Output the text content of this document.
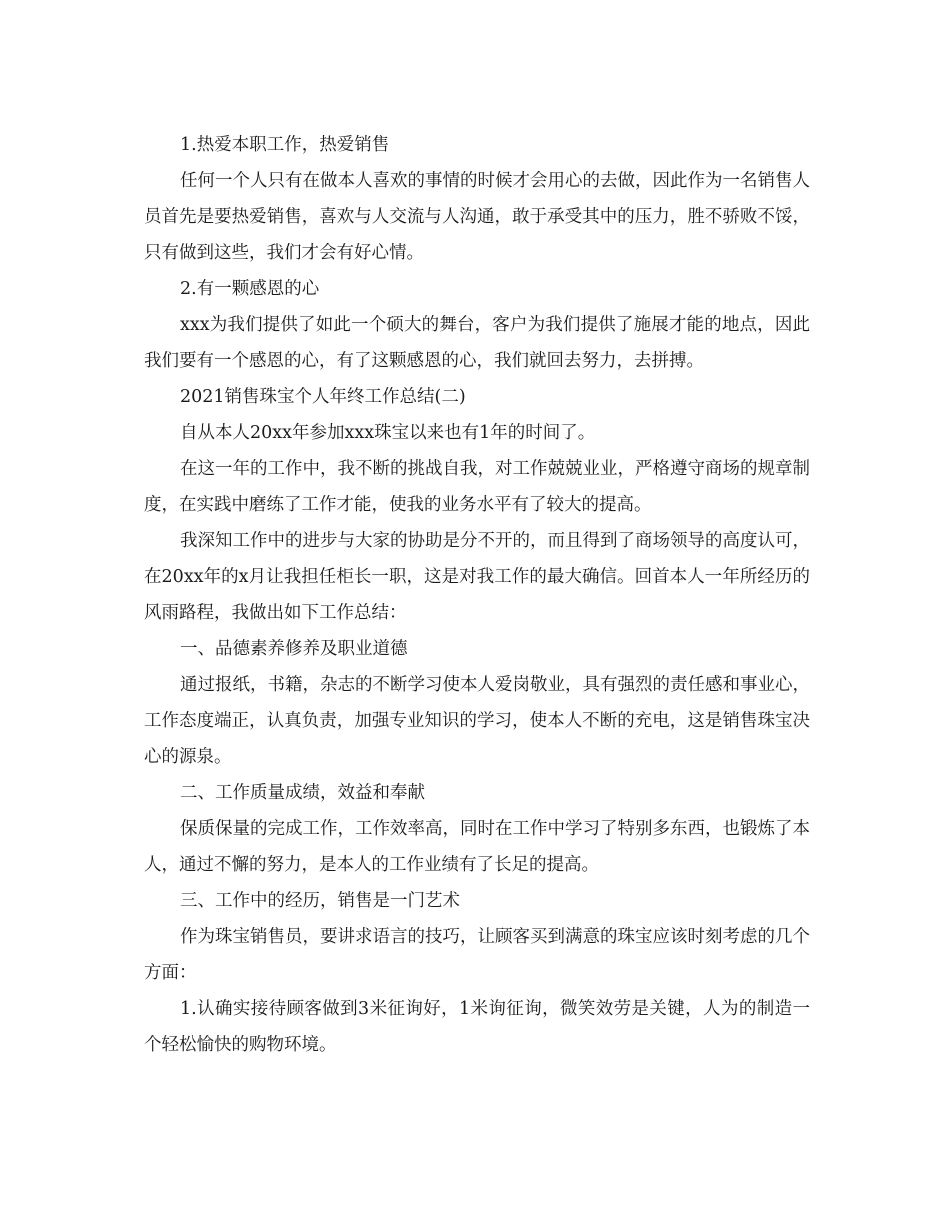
1.热爱本职工作，热爱销售

任何一个人只有在做本人喜欢的事情的时候才会用心的去做，因此作为一名销售人员首先是要热爱销售，喜欢与人交流与人沟通，敢于承受其中的压力，胜不骄败不馁，只有做到这些，我们才会有好心情。

2.有一颗感恩的心

xxx为我们提供了如此一个硕大的舞台，客户为我们提供了施展才能的地点，因此我们要有一个感恩的心，有了这颗感恩的心，我们就回去努力，去拼搏。

2021销售珠宝个人年终工作总结(二)

自从本人20xx年参加xxx珠宝以来也有1年的时间了。

在这一年的工作中，我不断的挑战自我，对工作兢兢业业，严格遵守商场的规章制度，在实践中磨练了工作才能，使我的业务水平有了较大的提高。

我深知工作中的进步与大家的协助是分不开的，而且得到了商场领导的高度认可，在20xx年的x月让我担任柜长一职，这是对我工作的最大确信。回首本人一年所经历的风雨路程，我做出如下工作总结：

一、品德素养修养及职业道德

通过报纸，书籍，杂志的不断学习使本人爱岗敬业，具有强烈的责任感和事业心，工作态度端正，认真负责，加强专业知识的学习，使本人不断的充电，这是销售珠宝决心的源泉。

二、工作质量成绩，效益和奉献

保质保量的完成工作，工作效率高，同时在工作中学习了特别多东西，也锻炼了本人，通过不懈的努力，是本人的工作业绩有了长足的提高。

三、工作中的经历，销售是一门艺术

作为珠宝销售员，要讲求语言的技巧，让顾客买到满意的珠宝应该时刻考虑的几个方面：

1.认确实接待顾客做到3米征询好，1米询征询，微笑效劳是关键，人为的制造一个轻松愉快的购物环境。
